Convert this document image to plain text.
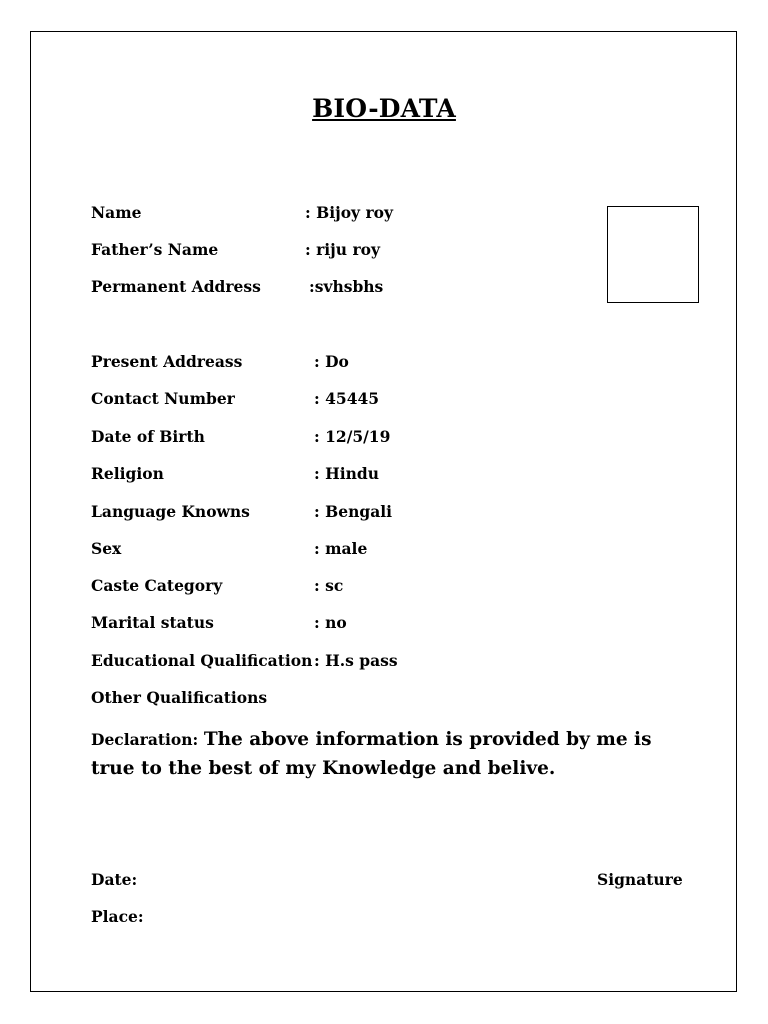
BIO-DATA
Name	: Bijoy roy
Father’s Name	: riju roy
Permanent Address	:svhsbhs
Present Addreass	: Do
Contact Number	: 45445
Date of Birth	: 12/5/19
Religion	: Hindu
Language Knowns	: Bengali
Sex	: male
Caste Category	: sc
Marital status	: no
Educational Qualification : H.s pass
Other Qualifications
Declaration: The above information is provided by me is true to the best of my Knowledge and belive.
Date:
Place:
Signature
